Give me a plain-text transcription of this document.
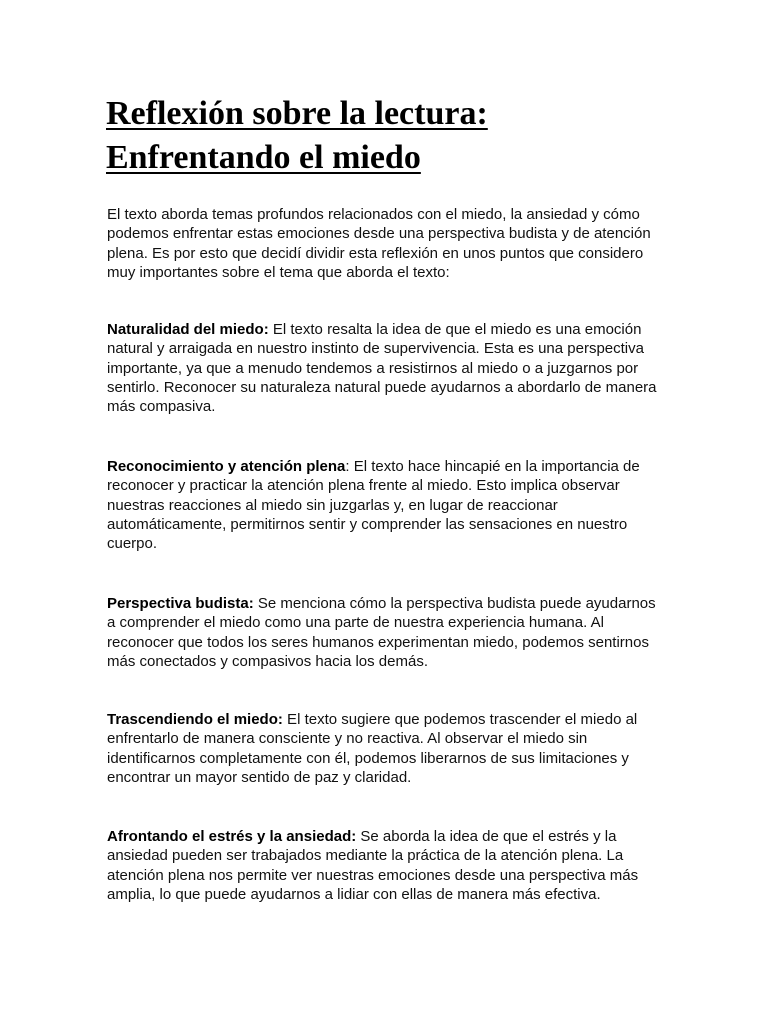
Reflexión sobre la lectura:
Enfrentando el miedo

El texto aborda temas profundos relacionados con el miedo, la ansiedad y cómo podemos enfrentar estas emociones desde una perspectiva budista y de atención plena. Es por esto que decidí dividir esta reflexión en unos puntos que considero muy importantes sobre el tema que aborda el texto:

Naturalidad del miedo: El texto resalta la idea de que el miedo es una emoción natural y arraigada en nuestro instinto de supervivencia. Esta es una perspectiva importante, ya que a menudo tendemos a resistirnos al miedo o a juzgarnos por sentirlo. Reconocer su naturaleza natural puede ayudarnos a abordarlo de manera más compasiva.

Reconocimiento y atención plena: El texto hace hincapié en la importancia de reconocer y practicar la atención plena frente al miedo. Esto implica observar nuestras reacciones al miedo sin juzgarlas y, en lugar de reaccionar automáticamente, permitirnos sentir y comprender las sensaciones en nuestro cuerpo.

Perspectiva budista: Se menciona cómo la perspectiva budista puede ayudarnos a comprender el miedo como una parte de nuestra experiencia humana. Al reconocer que todos los seres humanos experimentan miedo, podemos sentirnos más conectados y compasivos hacia los demás.

Trascendiendo el miedo: El texto sugiere que podemos trascender el miedo al enfrentarlo de manera consciente y no reactiva. Al observar el miedo sin identificarnos completamente con él, podemos liberarnos de sus limitaciones y encontrar un mayor sentido de paz y claridad.

Afrontando el estrés y la ansiedad: Se aborda la idea de que el estrés y la ansiedad pueden ser trabajados mediante la práctica de la atención plena. La atención plena nos permite ver nuestras emociones desde una perspectiva más amplia, lo que puede ayudarnos a lidiar con ellas de manera más efectiva.
